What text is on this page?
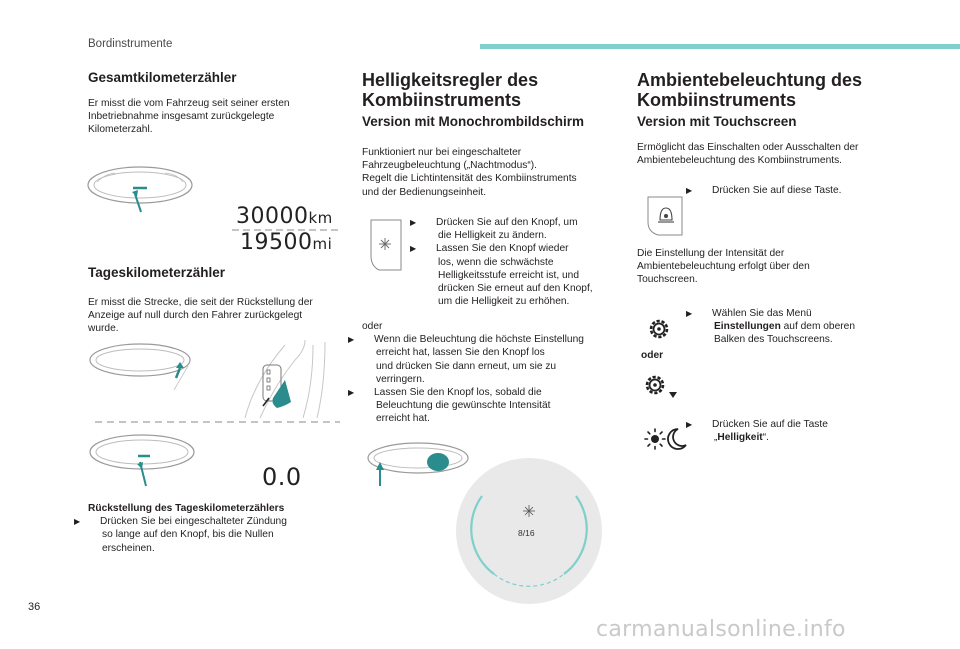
Bordinstrumente
Gesamtkilometerzähler

Er misst die vom Fahrzeug seit seiner ersten

Inbetriebnahme insgesamt zurückgelegte

Kilometerzahl.

30000km
19500mi
Tageskilometerzähler

Er misst die Strecke, die seit der Rückstellung der

Anzeige auf null durch den Fahrer zurückgelegt

wurde.

0.0

Rückstellung des Tageskilometerzählers

▶ Drücken Sie bei eingeschalteter Zündung
so lange auf den Knopf, bis die Nullen
erscheinen.
Helligkeitsregler des
Kombiinstruments
Version mit Monochrombildschirm

Funktioniert nur bei eingeschalteter

Fahrzeugbeleuchtung („Nachtmodus“).

Regelt die Lichtintensität des Kombiinstruments

und der Bedienungseinheit.

▶ Drücken Sie auf den Knopf, um
die Helligkeit zu ändern.
▶ Lassen Sie den Knopf wieder
los, wenn die schwächste
Helligkeitsstufe erreicht ist, und
drücken Sie erneut auf den Knopf,
um die Helligkeit zu erhöhen.

oder

▶ Wenn die Beleuchtung die höchste Einstellung
erreicht hat, lassen Sie den Knopf los
und drücken Sie dann erneut, um sie zu
verringern.
▶ Lassen Sie den Knopf los, sobald die
Beleuchtung die gewünschte Intensität
erreicht hat.
8/16
Ambientebeleuchtung des
Kombiinstruments
Version mit Touchscreen

Ermöglicht das Einschalten oder Ausschalten der

Ambientebeleuchtung des Kombiinstruments.

▶ Drücken Sie auf diese Taste.

Die Einstellung der Intensität der

Ambientebeleuchtung erfolgt über den

Touchscreen.

oder
▶ Wählen Sie das Menü
Einstellungen auf dem oberen
Balken des Touchscreens.
▶ Drücken Sie auf die Taste
„Helligkeit“.
36
carmanualsonline.info
